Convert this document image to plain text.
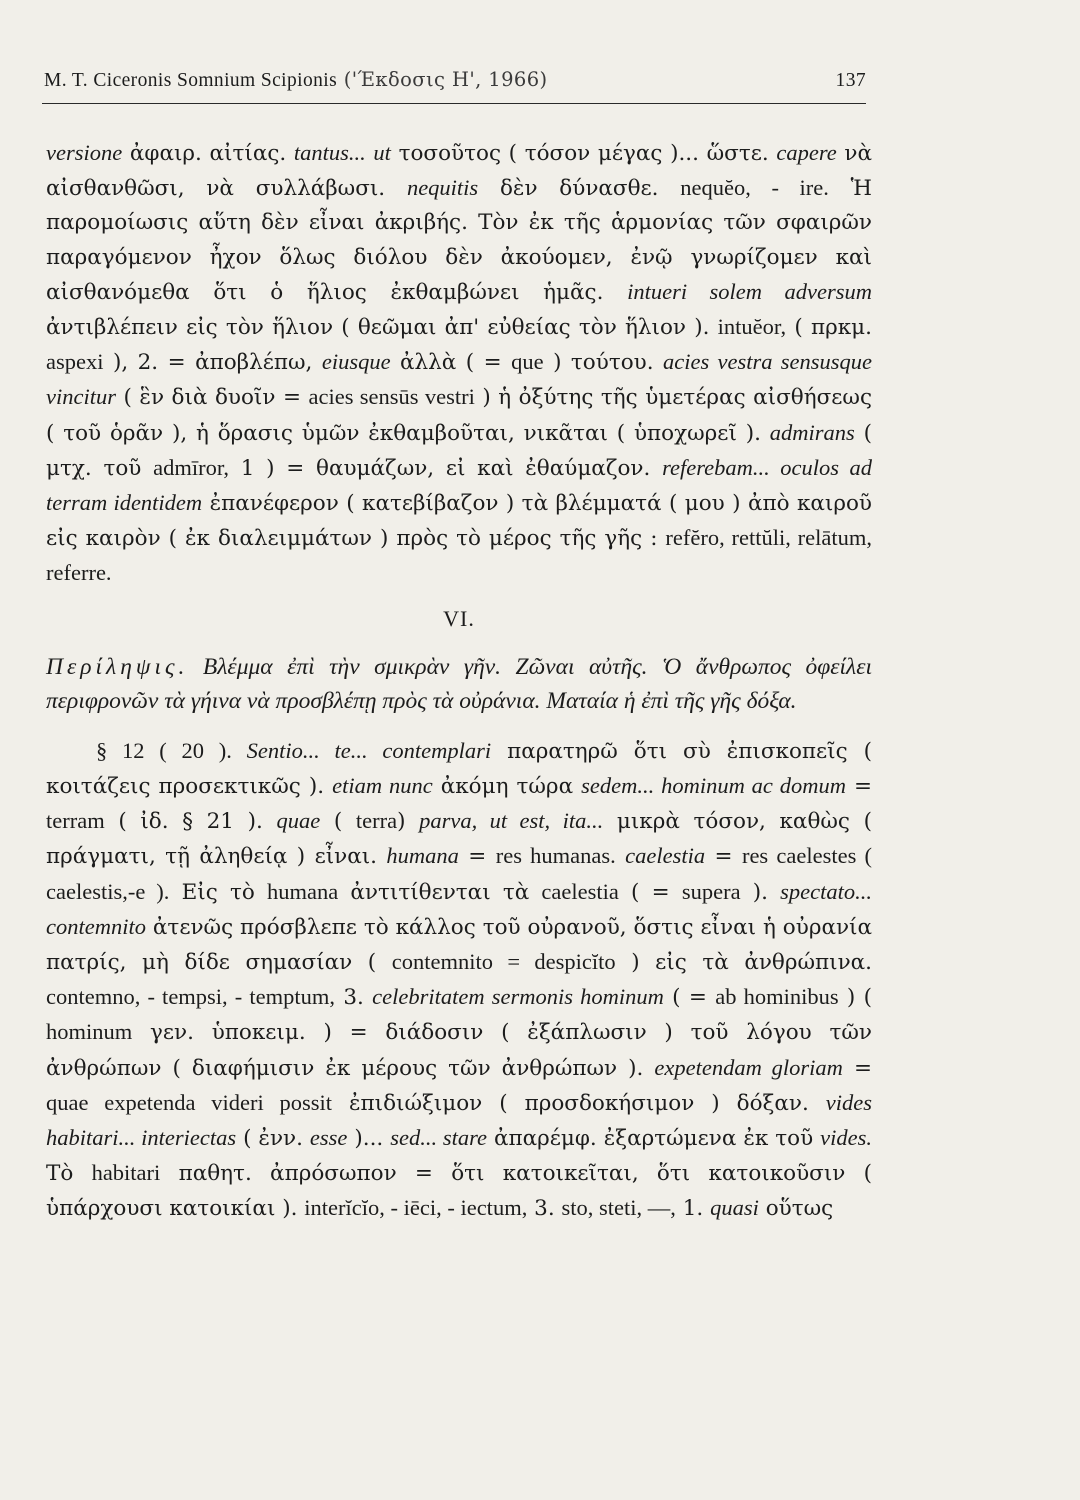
M. T. Ciceronis Somnium Scipionis ('Έκδοσις Η', 1966)	137

versione ἀφαιρ. αἰτίας. tantus... ut τοσοῦτος ( τόσον μέγας )... ὥστε. capere νὰ αἰσθανθῶσι, νὰ συλλάβωσι. nequitis δὲν δύνασθε. nequĕo, - ire. Ἡ παρομοίωσις αὕτη δὲν εἶναι ἀκριβής. Τὸν ἐκ τῆς ἁρμονίας τῶν σφαιρῶν παραγόμενον ἦχον ὅλως διόλου δὲν ἀκούομεν, ἐνῷ γνωρίζομεν καὶ αἰσθανόμεθα ὅτι ὁ ἥλιος ἐκθαμβώνει ἡμᾶς. intueri solem adversum ἀντιβλέπειν εἰς τὸν ἥλιον ( θεῶμαι ἀπ' εὐθείας τὸν ἥλιον ). intuĕor, ( πρκμ. aspexi ), 2. = ἀποβλέπω, eiusque ἀλλὰ ( = que ) τούτου. acies vestra sensusque vincitur ( ἓν διὰ δυοῖν = acies sensūs vestri ) ἡ ὀξύτης τῆς ὑμετέρας αἰσθήσεως ( τοῦ ὁρᾶν ), ἡ ὅρασις ὑμῶν ἐκθαμβοῦται, νικᾶται ( ὑποχωρεῖ ). admirans ( μτχ. τοῦ admīror, 1 ) = θαυμάζων, εἰ καὶ ἐθαύμαζον. referebam... oculos ad terram identidem ἐπανέφερον ( κατεβίβαζον ) τὰ βλέμματά ( μου ) ἀπὸ καιροῦ εἰς καιρὸν ( ἐκ διαλειμμάτων ) πρὸς τὸ μέρος τῆς γῆς : refĕro, rettŭli, relātum, referre.

VI.

Περίληψις. Βλέμμα ἐπὶ τὴν σμικρὰν γῆν. Ζῶναι αὐτῆς. Ὁ ἄνθρωπος ὀφείλει περιφρονῶν τὰ γήινα νὰ προσβλέπῃ πρὸς τὰ οὐράνια. Ματαία ἡ ἐπὶ τῆς γῆς δόξα.

§ 12 ( 20 ). Sentio... te... contemplari παρατηρῶ ὅτι σὺ ἐπισκοπεῖς ( κοιτάζεις προσεκτικῶς ). etiam nunc ἀκόμη τώρα sedem... hominum ac domum = terram ( ἰδ. § 21 ). quae ( terra) parva, ut est, ita... μικρὰ τόσον, καθὼς ( πράγματι, τῇ ἀληθείᾳ ) εἶναι. humana = res humanas. caelestia = res caelestes ( caelestis,-e ). Εἰς τὸ humana ἀντιτίθενται τὰ caelestia ( = supera ). spectato... contemnito ἀτενῶς πρόσβλεπε τὸ κάλλος τοῦ οὐρανοῦ, ὅστις εἶναι ἡ οὐρανία πατρίς, μὴ δίδε σημασίαν ( contemnito = despicĭto ) εἰς τὰ ἀνθρώπινα. contemno, - tempsi, - temptum, 3. celebritatem sermonis hominum ( = ab hominibus ) ( hominum γεν. ὑποκειμ. ) = διάδοσιν ( ἐξάπλωσιν ) τοῦ λόγου τῶν ἀνθρώπων ( διαφήμισιν ἐκ μέρους τῶν ἀνθρώπων ). expetendam gloriam = quae expetenda videri possit ἐπιδιώξιμον ( προσδοκήσιμον ) δόξαν. vides habitari... interiectas ( ἐνν. esse )... sed... stare ἀπαρέμφ. ἐξαρτώμενα ἐκ τοῦ vides. Τὸ habitari παθητ. ἀπρόσωπον = ὅτι κατοικεῖται, ὅτι κατοικοῦσιν ( ὑπάρχουσι κατοικίαι ). interĭcĭo, - iēci, - iectum, 3. sto, steti, —, 1. quasi οὕτως
